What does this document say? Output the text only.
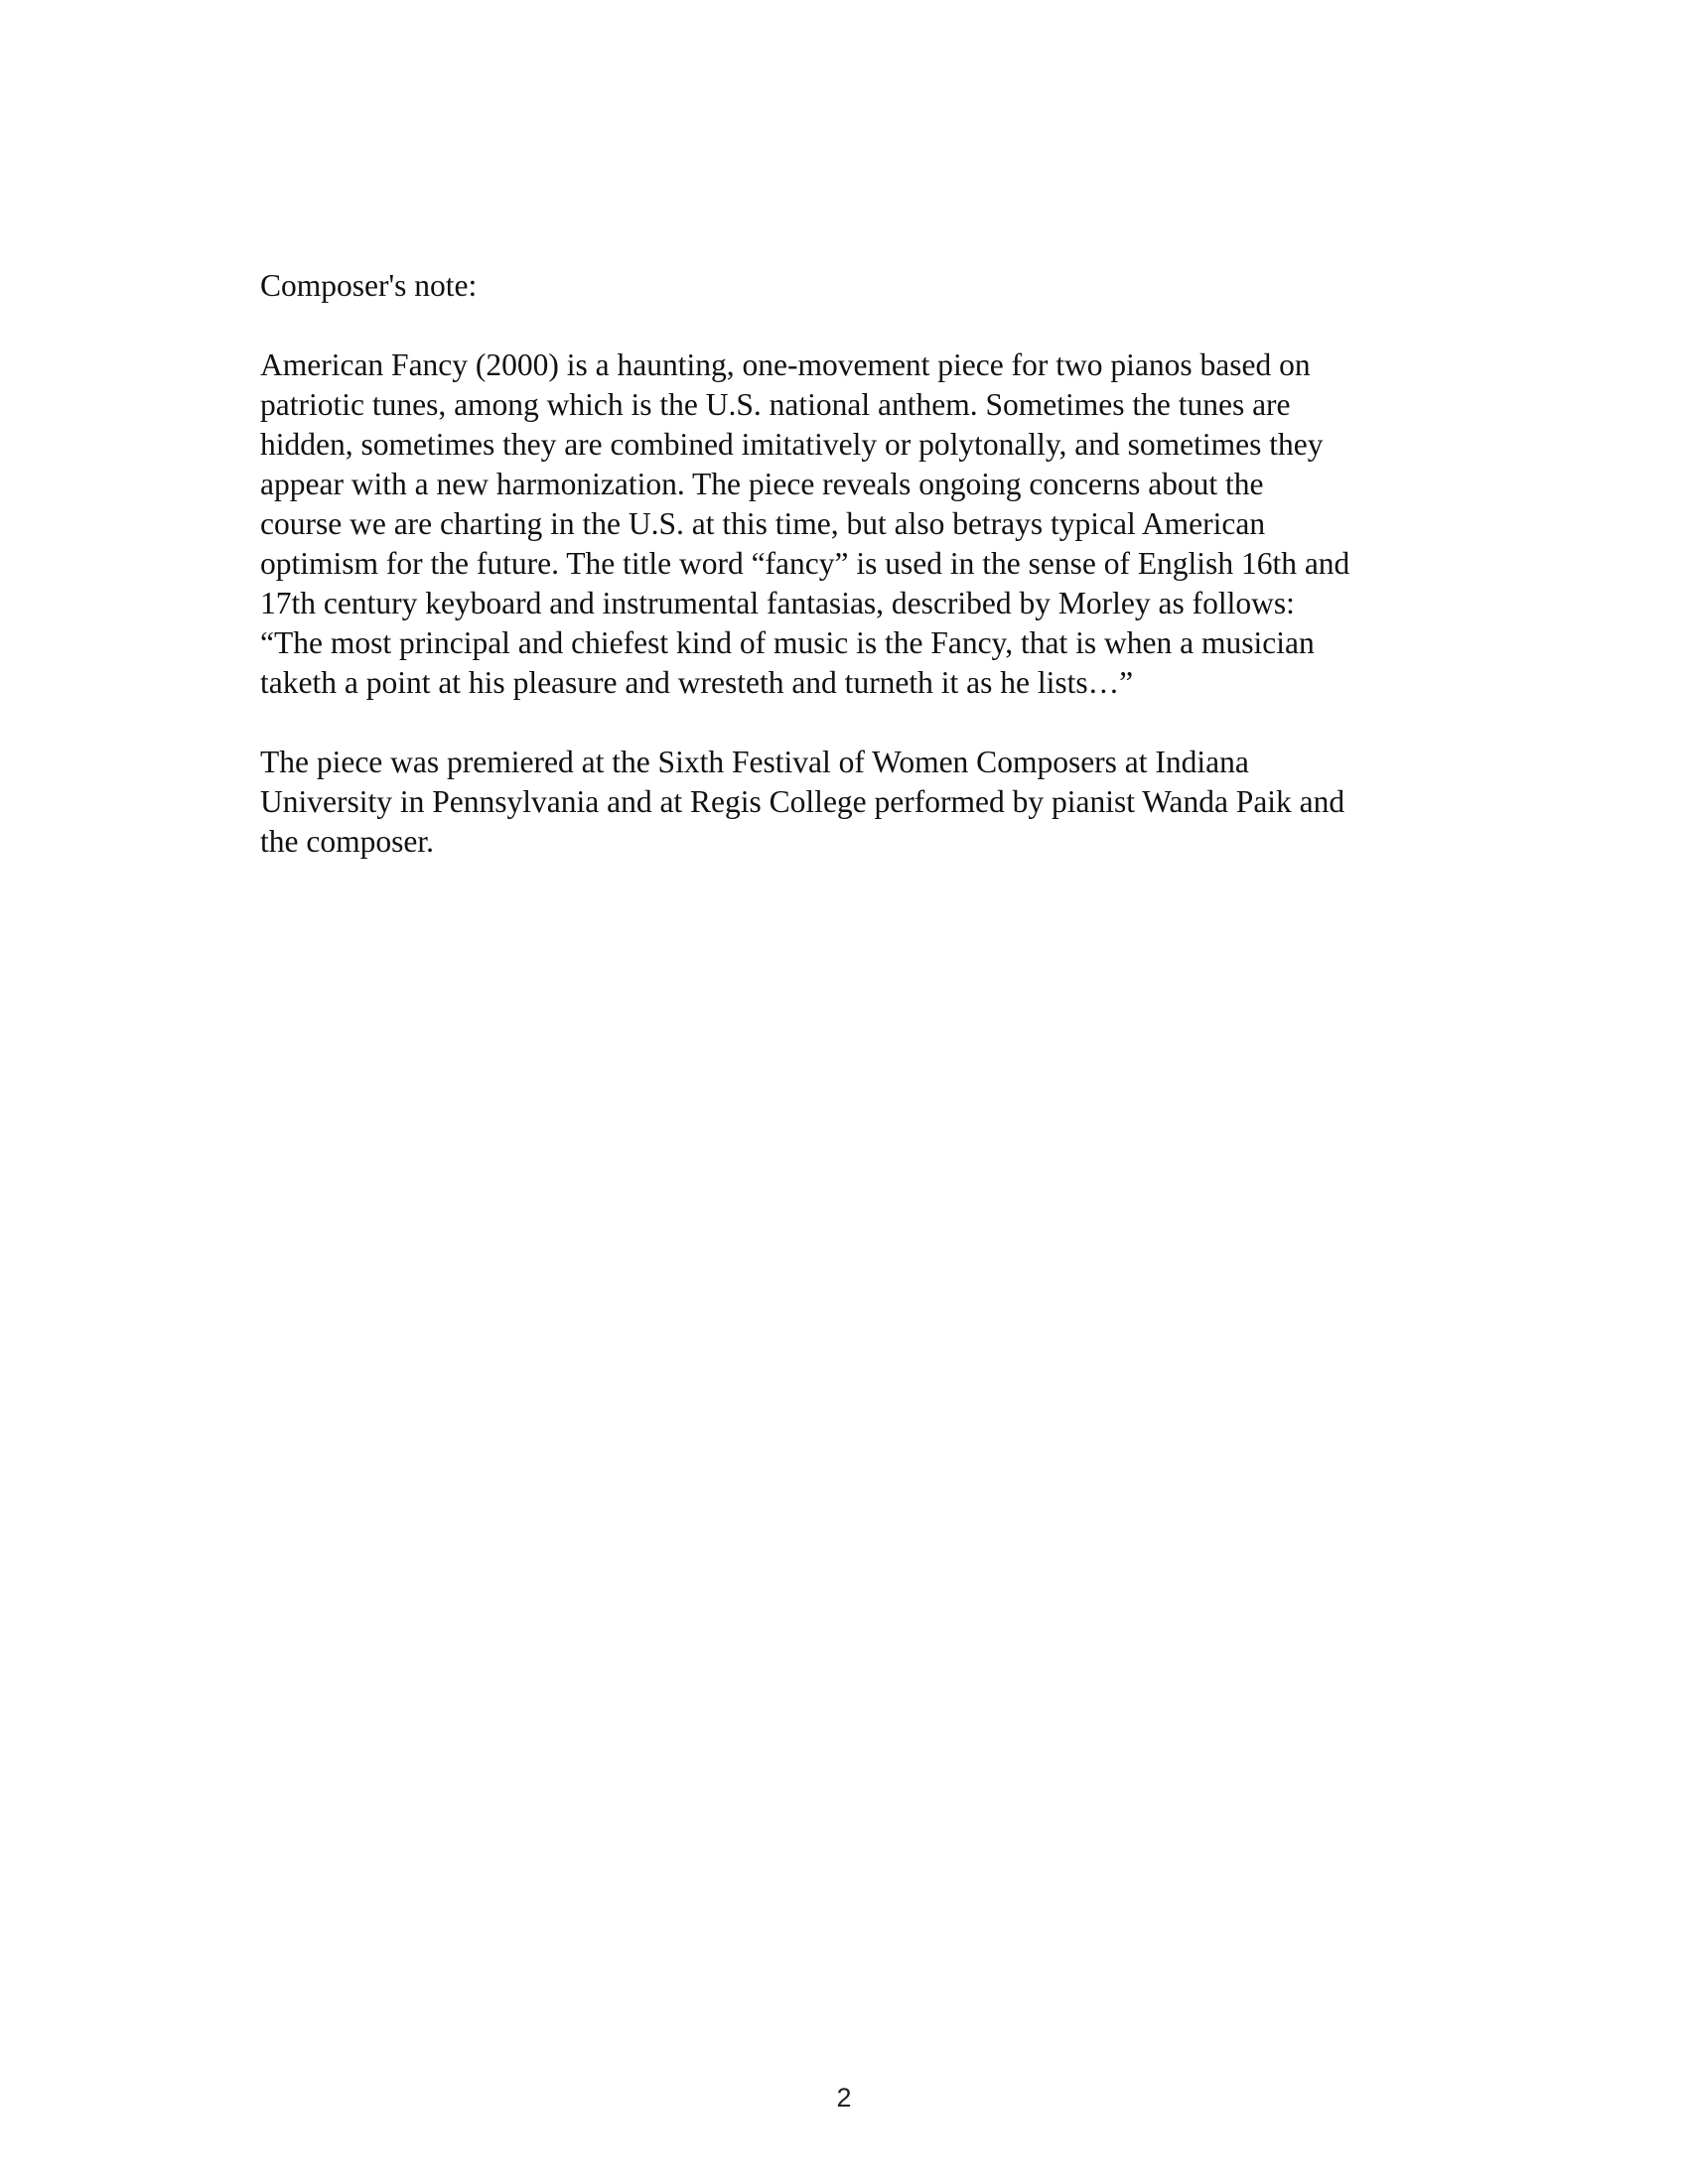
Composer's note:
American Fancy (2000) is a haunting, one-movement piece for two pianos based on
patriotic tunes, among which is the U.S. national anthem. Sometimes the tunes are
hidden, sometimes they are combined imitatively or polytonally, and sometimes they
appear with a new harmonization. The piece reveals ongoing concerns about the
course we are charting in the U.S. at this time, but also betrays typical American
optimism for the future. The title word “fancy” is used in the sense of English 16th and
17th century keyboard and instrumental fantasias, described by Morley as follows:
“The most principal and chiefest kind of music is the Fancy, that is when a musician
taketh a point at his pleasure and wresteth and turneth it as he lists…”
The piece was premiered at the Sixth Festival of Women Composers at Indiana
University in Pennsylvania and at Regis College performed by pianist Wanda Paik and
the composer.
2
